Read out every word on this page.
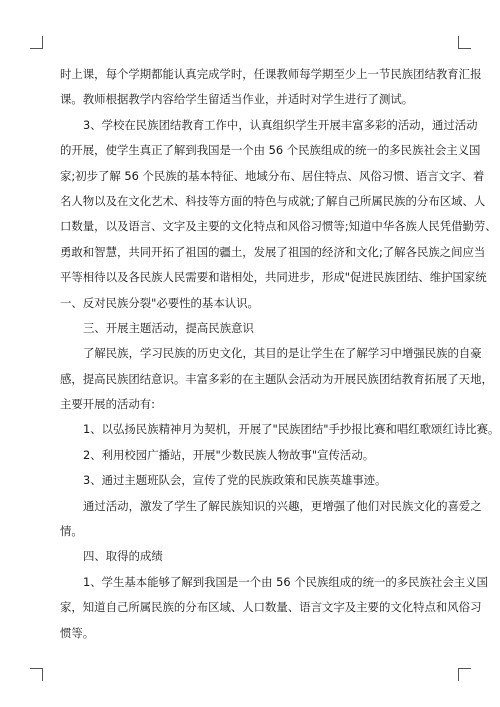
时上课，每个学期都能认真完成学时，任课教师每学期至少上一节民族团结教育汇报
课。教师根据教学内容给学生留适当作业，并适时对学生进行了测试。
3、学校在民族团结教育工作中，认真组织学生开展丰富多彩的活动，通过活动
的开展，使学生真正了解到我国是一个由 56 个民族组成的统一的多民族社会主义国
家;初步了解 56 个民族的基本特征、地域分布、居住特点、风俗习惯、语言文字、着
名人物以及在文化艺术、科技等方面的特色与成就;了解自己所属民族的分布区域、人
口数量，以及语言、文字及主要的文化特点和风俗习惯等;知道中华各族人民凭借勤劳、
勇敢和智慧，共同开拓了祖国的疆土，发展了祖国的经济和文化;了解各民族之间应当
平等相待以及各民族人民需要和谐相处，共同进步，形成"促进民族团结、维护国家统
一、反对民族分裂"必要性的基本认识。
三、开展主题活动，提高民族意识
了解民族，学习民族的历史文化，其目的是让学生在了解学习中增强民族的自豪
感，提高民族团结意识。丰富多彩的在主题队会活动为开展民族团结教育拓展了天地，
主要开展的活动有:
1、以弘扬民族精神月为契机，开展了"民族团结"手抄报比赛和唱红歌颂红诗比赛。
2、利用校园广播站，开展"少数民族人物故事"宣传活动。
3、通过主题班队会，宣传了党的民族政策和民族英雄事迹。
通过活动，激发了学生了解民族知识的兴趣，更增强了他们对民族文化的喜爱之
情。
四、取得的成绩
1、学生基本能够了解到我国是一个由 56 个民族组成的统一的多民族社会主义国
家，知道自己所属民族的分布区域、人口数量、语言文字及主要的文化特点和风俗习
惯等。
